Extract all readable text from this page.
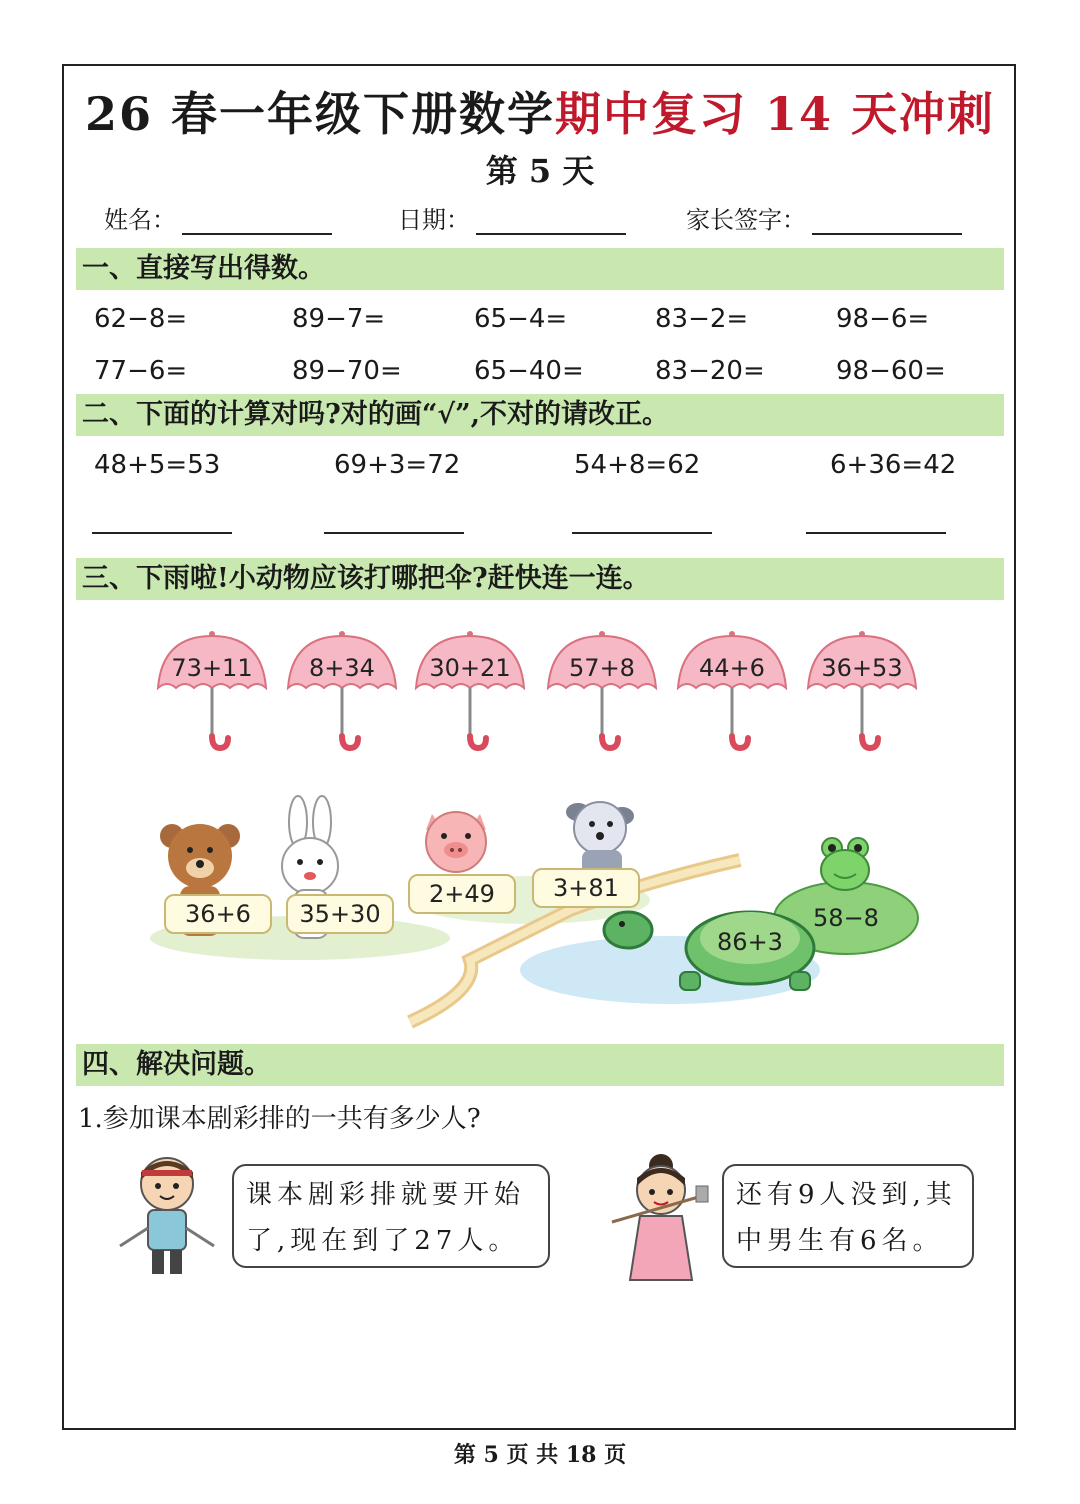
26 春一年级下册数学期中复习 14 天冲刺
第 5 天
姓名：	日期：	家长签字：
一、直接写出得数。
62−8=	89−7=	65−4=	83−2=	98−6=
77−6=	89−70=	65−40=	83−20=	98−60=
二、下面的计算对吗?对的画“√”,不对的请改正。
48+5=53	69+3=72	54+8=62	6+36=42
三、下雨啦!小动物应该打哪把伞?赶快连一连。
73+11	8+34	30+21	57+8	44+6	36+53
36+6	35+30
2+49	3+81
86+3
58−8
四、解决问题。
1.参加课本剧彩排的一共有多少人?
课本剧彩排就要开始
了,现在到了27人。
还有9人没到,其
中男生有6名。
第 5 页 共 18 页
